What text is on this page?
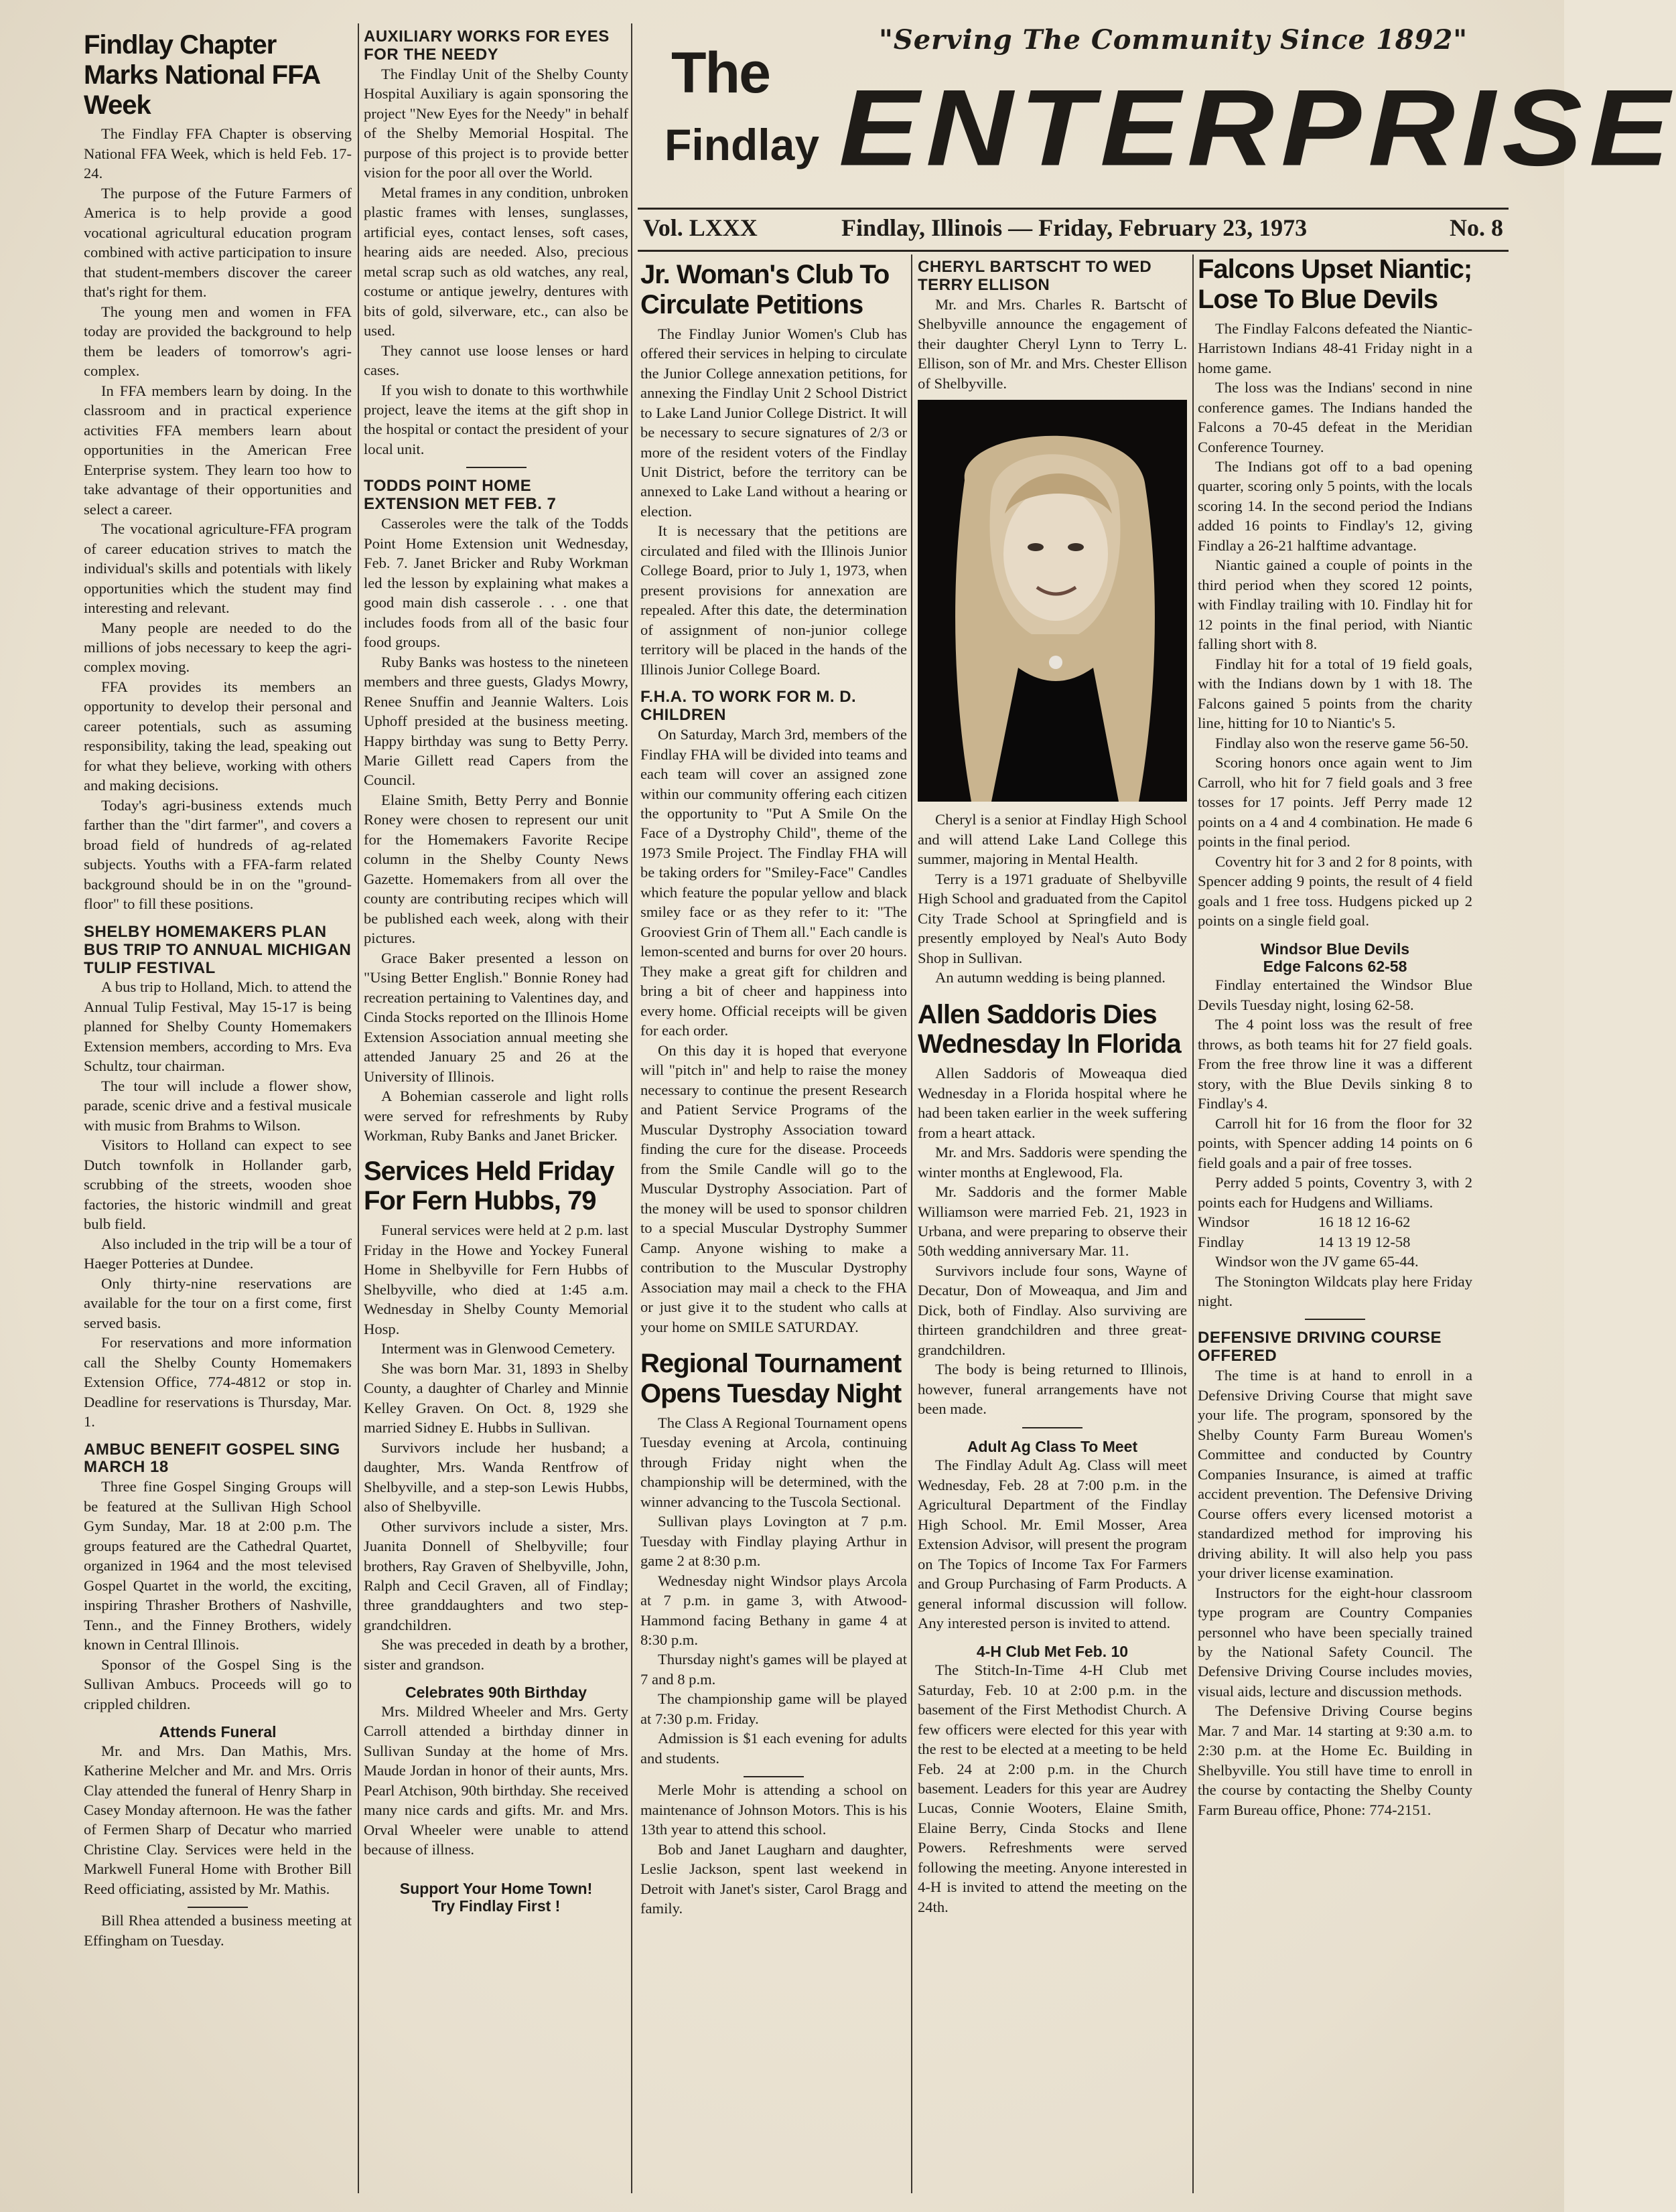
"Serving The Community Since 1892"
The
Findlay ENTERPRISE
Vol. LXXX	Findlay, Illinois — Friday, February 23, 1973	No. 8
Findlay Chapter Marks National FFA Week

The Findlay FFA Chapter is observing National FFA Week, which is held Feb. 17-24.

The purpose of the Future Farmers of America is to help provide a good vocational agricultural education program combined with active participation to insure that student-members discover the career that's right for them.

The young men and women in FFA today are provided the background to help them be leaders of tomorrow's agri-complex.

In FFA members learn by doing. In the classroom and in practical experience activities FFA members learn about opportunities in the American Free Enterprise system. They learn too how to take advantage of their opportunities and select a career.

The vocational agriculture-FFA program of career education strives to match the individual's skills and potentials with likely opportunities which the student may find interesting and relevant.

Many people are needed to do the millions of jobs necessary to keep the agri-complex moving.

FFA provides its members an opportunity to develop their personal and career potentials, such as assuming responsibility, taking the lead, speaking out for what they believe, working with others and making decisions.

Today's agri-business extends much farther than the "dirt farmer", and covers a broad field of hundreds of ag-related subjects. Youths with a FFA-farm related background should be in on the "ground-floor" to fill these positions.

SHELBY HOMEMAKERS PLAN BUS TRIP TO ANNUAL MICHIGAN TULIP FESTIVAL

A bus trip to Holland, Mich. to attend the Annual Tulip Festival, May 15-17 is being planned for Shelby County Homemakers Extension members, according to Mrs. Eva Schultz, tour chairman.

The tour will include a flower show, parade, scenic drive and a festival musicale with music from Brahms to Wilson.

Visitors to Holland can expect to see Dutch townfolk in Hollander garb, scrubbing of the streets, wooden shoe factories, the historic windmill and great bulb field.

Also included in the trip will be a tour of Haeger Potteries at Dundee.

Only thirty-nine reservations are available for the tour on a first come, first served basis.

For reservations and more information call the Shelby County Homemakers Extension Office, 774-4812 or stop in. Deadline for reservations is Thursday, Mar. 1.

AMBUC BENEFIT GOSPEL SING MARCH 18

Three fine Gospel Singing Groups will be featured at the Sullivan High School Gym Sunday, Mar. 18 at 2:00 p.m. The groups featured are the Cathedral Quartet, organized in 1964 and the most televised Gospel Quartet in the world, the exciting, inspiring Thrasher Brothers of Nashville, Tenn., and the Finney Brothers, widely known in Central Illinois.

Sponsor of the Gospel Sing is the Sullivan Ambucs. Proceeds will go to crippled children.

Attends Funeral

Mr. and Mrs. Dan Mathis, Mrs. Katherine Melcher and Mr. and Mrs. Orris Clay attended the funeral of Henry Sharp in Casey Monday afternoon. He was the father of Fermen Sharp of Decatur who married Christine Clay. Services were held in the Markwell Funeral Home with Brother Bill Reed officiating, assisted by Mr. Mathis.

Bill Rhea attended a business meeting at Effingham on Tuesday.

AUXILIARY WORKS FOR EYES FOR THE NEEDY

The Findlay Unit of the Shelby County Hospital Auxiliary is again sponsoring the project "New Eyes for the Needy" in behalf of the Shelby Memorial Hospital. The purpose of this project is to provide better vision for the poor all over the World.

Metal frames in any condition, unbroken plastic frames with lenses, sunglasses, artificial eyes, contact lenses, soft cases, hearing aids are needed. Also, precious metal scrap such as old watches, any real, costume or antique jewelry, dentures with bits of gold, silverware, etc., can also be used.

They cannot use loose lenses or hard cases.

If you wish to donate to this worthwhile project, leave the items at the gift shop in the hospital or contact the president of your local unit.

TODDS POINT HOME EXTENSION MET FEB. 7

Casseroles were the talk of the Todds Point Home Extension unit Wednesday, Feb. 7. Janet Bricker and Ruby Workman led the lesson by explaining what makes a good main dish casserole . . . one that includes foods from all of the basic four food groups.

Ruby Banks was hostess to the nineteen members and three guests, Gladys Mowry, Renee Snuffin and Jeannie Walters. Lois Uphoff presided at the business meeting. Happy birthday was sung to Betty Perry. Marie Gillett read Capers from the Council.

Elaine Smith, Betty Perry and Bonnie Roney were chosen to represent our unit for the Homemakers Favorite Recipe column in the Shelby County News Gazette. Homemakers from all over the county are contributing recipes which will be published each week, along with their pictures.

Grace Baker presented a lesson on "Using Better English." Bonnie Roney had recreation pertaining to Valentines day, and Cinda Stocks reported on the Illinois Home Extension Association annual meeting she attended January 25 and 26 at the University of Illinois.

A Bohemian casserole and light rolls were served for refreshments by Ruby Workman, Ruby Banks and Janet Bricker.

Services Held Friday For Fern Hubbs, 79

Funeral services were held at 2 p.m. last Friday in the Howe and Yockey Funeral Home in Shelbyville for Fern Hubbs of Shelbyville, who died at 1:45 a.m. Wednesday in Shelby County Memorial Hosp.

Interment was in Glenwood Cemetery.

She was born Mar. 31, 1893 in Shelby County, a daughter of Charley and Minnie Kelley Graven. On Oct. 8, 1929 she married Sidney E. Hubbs in Sullivan.

Survivors include her husband; a daughter, Mrs. Wanda Rentfrow of Shelbyville, and a step-son Lewis Hubbs, also of Shelbyville.

Other survivors include a sister, Mrs. Juanita Donnell of Shelbyville; four brothers, Ray Graven of Shelbyville, John, Ralph and Cecil Graven, all of Findlay; three granddaughters and two step-grandchildren.

She was preceded in death by a brother, sister and grandson.

Celebrates 90th Birthday

Mrs. Mildred Wheeler and Mrs. Gerty Carroll attended a birthday dinner in Sullivan Sunday at the home of Mrs. Maude Jordan in honor of their aunts, Mrs. Pearl Atchison, 90th birthday. She received many nice cards and gifts. Mr. and Mrs. Orval Wheeler were unable to attend because of illness.

Support Your Home Town!
Try Findlay First !
Jr. Woman's Club To Circulate Petitions

The Findlay Junior Women's Club has offered their services in helping to circulate the Junior College annexation petitions, for annexing the Findlay Unit 2 School District to Lake Land Junior College District. It will be necessary to secure signatures of 2/3 or more of the resident voters of the Findlay Unit District, before the territory can be annexed to Lake Land without a hearing or election.

It is necessary that the petitions are circulated and filed with the Illinois Junior College Board, prior to July 1, 1973, when present provisions for annexation are repealed. After this date, the determination of assignment of non-junior college territory will be placed in the hands of the Illinois Junior College Board.

F.H.A. TO WORK FOR M. D. CHILDREN

On Saturday, March 3rd, members of the Findlay FHA will be divided into teams and each team will cover an assigned zone within our community offering each citizen the opportunity to "Put A Smile On the Face of a Dystrophy Child", theme of the 1973 Smile Project. The Findlay FHA will be taking orders for "Smiley-Face" Candles which feature the popular yellow and black smiley face or as they refer to it: "The Grooviest Grin of Them all." Each candle is lemon-scented and burns for over 20 hours. They make a great gift for children and bring a bit of cheer and happiness into every home. Official receipts will be given for each order.

On this day it is hoped that everyone will "pitch in" and help to raise the money necessary to continue the present Research and Patient Service Programs of the Muscular Dystrophy Association toward finding the cure for the disease. Proceeds from the Smile Candle will go to the Muscular Dystrophy Association. Part of the money will be used to sponsor children to a special Muscular Dystrophy Summer Camp. Anyone wishing to make a contribution to the Muscular Dystrophy Association may mail a check to the FHA or just give it to the student who calls at your home on SMILE SATURDAY.

Regional Tournament Opens Tuesday Night

The Class A Regional Tournament opens Tuesday evening at Arcola, continuing through Friday night when the championship will be determined, with the winner advancing to the Tuscola Sectional.

Sullivan plays Lovington at 7 p.m. Tuesday with Findlay playing Arthur in game 2 at 8:30 p.m.

Wednesday night Windsor plays Arcola at 7 p.m. in game 3, with Atwood-Hammond facing Bethany in game 4 at 8:30 p.m.

Thursday night's games will be played at 7 and 8 p.m.

The championship game will be played at 7:30 p.m. Friday.

Admission is $1 each evening for adults and students.

Merle Mohr is attending a school on maintenance of Johnson Motors. This is his 13th year to attend this school.

Bob and Janet Laugharn and daughter, Leslie Jackson, spent last weekend in Detroit with Janet's sister, Carol Bragg and family.

CHERYL BARTSCHT TO WED TERRY ELLISON

Mr. and Mrs. Charles R. Bartscht of Shelbyville announce the engagement of their daughter Cheryl Lynn to Terry L. Ellison, son of Mr. and Mrs. Chester Ellison of Shelbyville.

Cheryl is a senior at Findlay High School and will attend Lake Land College this summer, majoring in Mental Health.

Terry is a 1971 graduate of Shelbyville High School and graduated from the Capitol City Trade School at Springfield and is presently employed by Neal's Auto Body Shop in Sullivan.

An autumn wedding is being planned.

Allen Saddoris Dies Wednesday In Florida

Allen Saddoris of Moweaqua died Wednesday in a Florida hospital where he had been taken earlier in the week suffering from a heart attack.

Mr. and Mrs. Saddoris were spending the winter months at Englewood, Fla.

Mr. Saddoris and the former Mable Williamson were married Feb. 21, 1923 in Urbana, and were preparing to observe their 50th wedding anniversary Mar. 11.

Survivors include four sons, Wayne of Decatur, Don of Moweaqua, and Jim and Dick, both of Findlay. Also surviving are thirteen grandchildren and three great-grandchildren.

The body is being returned to Illinois, however, funeral arrangements have not been made.

Adult Ag Class To Meet

The Findlay Adult Ag. Class will meet Wednesday, Feb. 28 at 7:00 p.m. in the Agricultural Department of the Findlay High School. Mr. Emil Mosser, Area Extension Advisor, will present the program on The Topics of Income Tax For Farmers and Group Purchasing of Farm Products. A general informal discussion will follow. Any interested person is invited to attend.

4-H Club Met Feb. 10

The Stitch-In-Time 4-H Club met Saturday, Feb. 10 at 2:00 p.m. in the basement of the First Methodist Church. A few officers were elected for this year with the rest to be elected at a meeting to be held Feb. 24 at 2:00 p.m. in the Church basement. Leaders for this year are Audrey Lucas, Connie Wooters, Elaine Smith, Elaine Berry, Cinda Stocks and Ilene Powers. Refreshments were served following the meeting. Anyone interested in 4-H is invited to attend the meeting on the 24th.

Falcons Upset Niantic; Lose To Blue Devils

The Findlay Falcons defeated the Niantic-Harristown Indians 48-41 Friday night in a home game.

The loss was the Indians' second in nine conference games. The Indians handed the Falcons a 70-45 defeat in the Meridian Conference Tourney.

The Indians got off to a bad opening quarter, scoring only 5 points, with the locals scoring 14. In the second period the Indians added 16 points to Findlay's 12, giving Findlay a 26-21 halftime advantage.

Niantic gained a couple of points in the third period when they scored 12 points, with Findlay trailing with 10. Findlay hit for 12 points in the final period, with Niantic falling short with 8.

Findlay hit for a total of 19 field goals, with the Indians down by 1 with 18. The Falcons gained 5 points from the charity line, hitting for 10 to Niantic's 5.

Findlay also won the reserve game 56-50.

Scoring honors once again went to Jim Carroll, who hit for 7 field goals and 3 free tosses for 17 points. Jeff Perry made 12 points on a 4 and 4 combination. He made 6 points in the final period.

Coventry hit for 3 and 2 for 8 points, with Spencer adding 9 points, the result of 4 field goals and 1 free toss. Hudgens picked up 2 points on a single field goal.

Windsor Blue Devils
Edge Falcons 62-58

Findlay entertained the Windsor Blue Devils Tuesday night, losing 62-58.

The 4 point loss was the result of free throws, as both teams hit for 27 field goals. From the free throw line it was a different story, with the Blue Devils sinking 8 to Findlay's 4.

Carroll hit for 16 from the floor for 32 points, with Spencer adding 14 points on 6 field goals and a pair of free tosses.

Perry added 5 points, Coventry 3, with 2 points each for Hudgens and Williams.

Windsor	16 18 12 16-62
Findlay	14 13 19 12-58

Windsor won the JV game 65-44.

The Stonington Wildcats play here Friday night.

DEFENSIVE DRIVING COURSE OFFERED

The time is at hand to enroll in a Defensive Driving Course that might save your life. The program, sponsored by the Shelby County Farm Bureau Women's Committee and conducted by Country Companies Insurance, is aimed at traffic accident prevention. The Defensive Driving Course offers every licensed motorist a standardized method for improving his driving ability. It will also help you pass your driver license examination.

Instructors for the eight-hour classroom type program are Country Companies personnel who have been specially trained by the National Safety Council. The Defensive Driving Course includes movies, visual aids, lecture and discussion methods.

The Defensive Driving Course begins Mar. 7 and Mar. 14 starting at 9:30 a.m. to 2:30 p.m. at the Home Ec. Building in Shelbyville. You still have time to enroll in the course by contacting the Shelby County Farm Bureau office, Phone: 774-2151.
